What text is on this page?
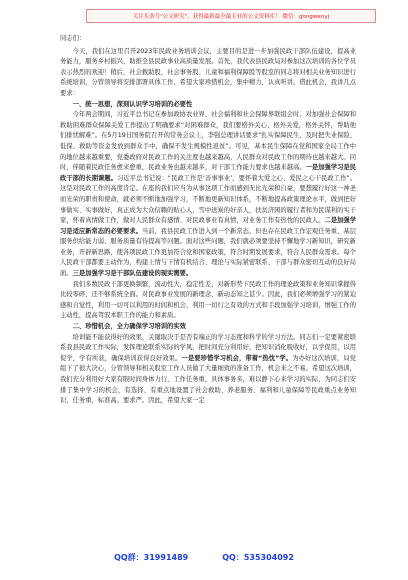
关注头条号"公文研究"，获得最新最全最专业的公文资料库！ 微信：gongwenyj

同志们：

今天，我们在这里召开2023年民政业务培训会议，主要目的是进一步加强民政干部队伍建设，提高业务能力，服务乡村振兴，助推全县民政事业高质量发展。首先，我代表县民政局对参加这次培训的各位学员表示热烈的欢迎！稍后，社会救助股、社会事务股、儿童和福利保障股等股室的同志将对相关业务知识进行系统培训，分管领导将安排部署具体工作，希望大家珍惜机会，集中精力，认真听讲。借此机会，我讲几点要求：

一、统一思想，深刻认识学习培训的必要性

今年两会期间，习近平总书记在参加政协农业界、社会福利和社会保障界联组会时，对加强社会保障和救助困难群众保障关爱工作提出了明确要求“对困难群众，我们要格外关心、格外关爱，格外关怀，帮助他们排忧解难”。在5月19日国务院召开的常务会议上，李强总理讲话要求“扎实保障民生，及时把失业保险、低保、救助等资金发放到群众手中，确保不发生规模性返贫”。可见，基本民生保障在党和国家全局工作中的地位越来越重要，党委政府对民政工作的关注度也越来越高，人民群众对民政工作的期待也越来越大。同时，伴随着民政任务愈来愈重，民政业务也越来越多，对干部工作能力要求也越来越高。一是加强学习是民政干部的长期课题。习近平总书记说：“民政工作是‘善事事业’，要怀着大爱之心、爱民之心干民政工作”。这是对民政工作的高度肯定。在座的我们应当为从事这项工作而感到无比光荣和自豪，要想履行好这一神圣而光荣的职责和使命，就必须不断地加强学习，不断地更新知识体系，不断地提高政策理论水平，做到把好事做实、实事做好，真正成为大众信赖的贴心人，雪中送炭的好亲人，扶贫济困的履行者和为民谋利的实干家，怀着真情做工作，做对人民群众有感情、对民政事业有真情，对业务工作有热忱的民政人。二是加强学习是适应新常态的必要要求。当前，我县民政工作进入到一个新常态，但也存在民政工作宏观任务重、基层服务供给能力弱、服务质量有待提高等问题。面对这些问题，我们就必须要坚持不懈地学习新知识，研究新业务，开辟新思路，使各项民政工作更加符合党和国家政策，符合时期发展要求，符合人民群众需求。每个人民政干部都要主动作为，构建上情与下情有机结合、理论与实际紧密联系、干部与群众密切互动的良好局面。三是加强学习是干部队伍建设的现实需要。

我们多数民政干部更换频繁，流动性大，稳定性差，对新形势下民政工作的理论政策和业务知识掌握得比较零碎，还不够系统全面。对民政事业发展的新理念、新动态知之甚少。因此，我们必须增强学习的紧迫感和自觉性，利用一切可以利用的时间和机会，利用一切行之有效的方式和手段加强学习培训，增强工作的主动性，提高驾驭本职工作的能力和素质。

二、珍惜机会，全力确保学习培训的实效

培训能不能获得好的效果，关键取决于是否有端正的学习态度和科学的学习方法。同志们一定要紧密联系我县民政工作实际，发挥理论联系实际的学风，把时间充分利用好，把知识消化吸收好，以学促用，以用促学，学有所获，确保培训获得良好效果。一是要珍惜学习机会，带着“热忱”学。为办好这次培训，局党组下了很大决心，分管领导和相关股室工作人员做了大量细致的准备工作，机会来之不易。希望这次培训，我们充分利用好大家有限时间身体力行，工作任务重，具体事务多，难以静下心来学习的实际，为同志们安排了集中学习的机会，有选择、有重点地设置了社会救助、养老服务、福利和儿童保障等民政重点业务知识，任务重，标准高、要求严。因此，希望大家一定

QQ群：31991489	QQ：535304092
